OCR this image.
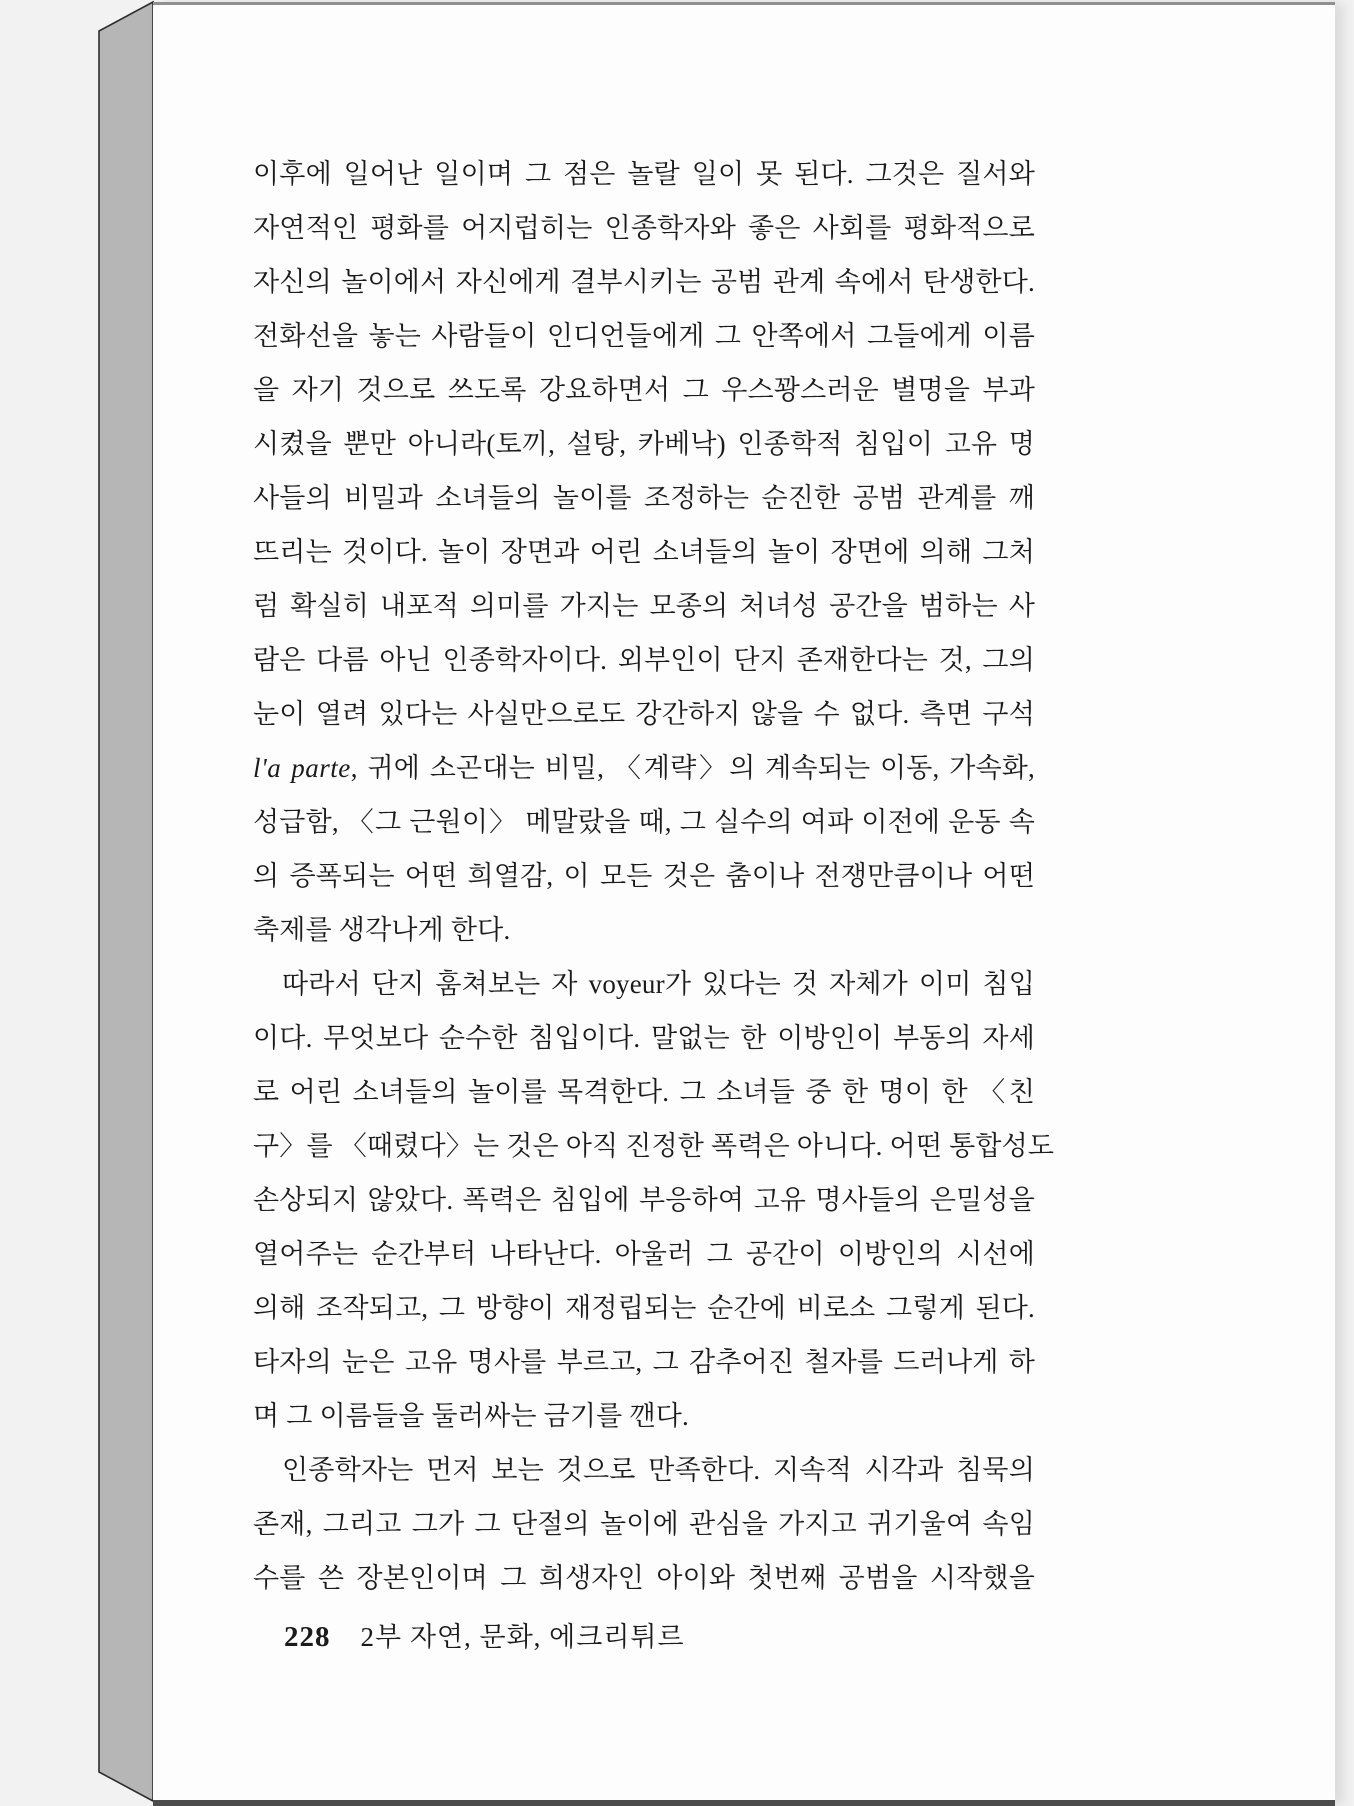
이후에 일어난 일이며 그 점은 놀랄 일이 못 된다. 그것은 질서와
자연적인 평화를 어지럽히는 인종학자와 좋은 사회를 평화적으로
자신의 놀이에서 자신에게 결부시키는 공범 관계 속에서 탄생한다.
전화선을 놓는 사람들이 인디언들에게 그 안쪽에서 그들에게 이름
을 자기 것으로 쓰도록 강요하면서 그 우스꽝스러운 별명을 부과
시켰을 뿐만 아니라(토끼, 설탕, 카베낙) 인종학적 침입이 고유 명
사들의 비밀과 소녀들의 놀이를 조정하는 순진한 공범 관계를 깨
뜨리는 것이다. 놀이 장면과 어린 소녀들의 놀이 장면에 의해 그처
럼 확실히 내포적 의미를 가지는 모종의 처녀성 공간을 범하는 사
람은 다름 아닌 인종학자이다. 외부인이 단지 존재한다는 것, 그의
눈이 열려 있다는 사실만으로도 강간하지 않을 수 없다. 측면 구석
l'a parte, 귀에 소곤대는 비밀, 〈계략〉의 계속되는 이동, 가속화,
성급함, 〈그 근원이〉 메말랐을 때, 그 실수의 여파 이전에 운동 속
의 증폭되는 어떤 희열감, 이 모든 것은 춤이나 전쟁만큼이나 어떤
축제를 생각나게 한다.
따라서 단지 훔쳐보는 자 voyeur가 있다는 것 자체가 이미 침입
이다. 무엇보다 순수한 침입이다. 말없는 한 이방인이 부동의 자세
로 어린 소녀들의 놀이를 목격한다. 그 소녀들 중 한 명이 한 〈친
구〉를 〈때렸다〉는 것은 아직 진정한 폭력은 아니다. 어떤 통합성도
손상되지 않았다. 폭력은 침입에 부응하여 고유 명사들의 은밀성을
열어주는 순간부터 나타난다. 아울러 그 공간이 이방인의 시선에
의해 조작되고, 그 방향이 재정립되는 순간에 비로소 그렇게 된다.
타자의 눈은 고유 명사를 부르고, 그 감추어진 철자를 드러나게 하
며 그 이름들을 둘러싸는 금기를 깬다.
인종학자는 먼저 보는 것으로 만족한다. 지속적 시각과 침묵의
존재, 그리고 그가 그 단절의 놀이에 관심을 가지고 귀기울여 속임
수를 쓴 장본인이며 그 희생자인 아이와 첫번째 공범을 시작했을
228 2부 자연, 문화, 에크리튀르
